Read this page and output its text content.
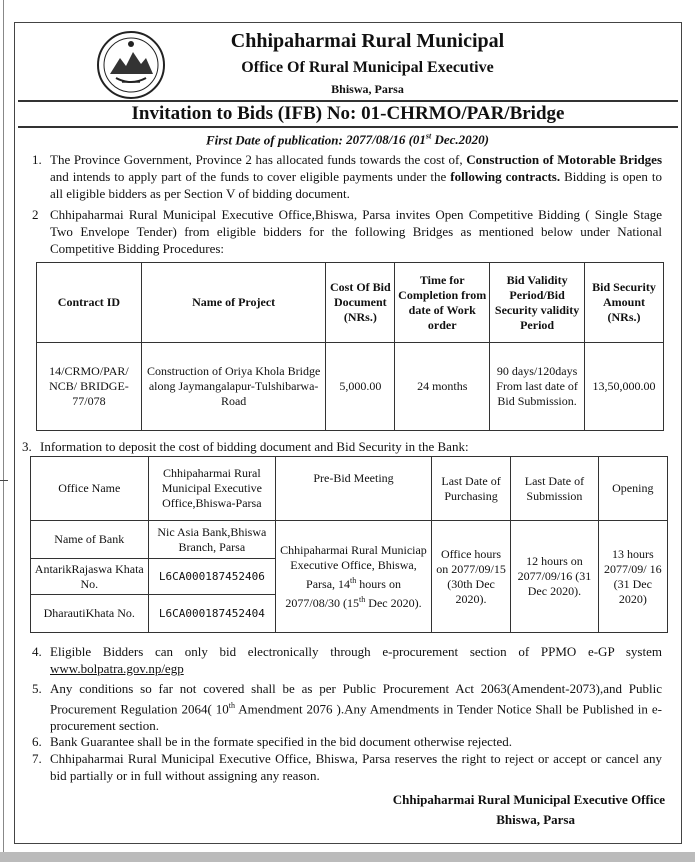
Chhipaharmai Rural Municipal
Office Of Rural Municipal Executive
Bhiswa, Parsa
Invitation to Bids (IFB) No: 01-CHRMO/PAR/Bridge
First Date of publication: 2077/08/16 (01st Dec.2020)
1. The Province Government, Province 2 has allocated funds towards the cost of, Construction of Motorable Bridges and intends to apply part of the funds to cover eligible payments under the following contracts. Bidding is open to all eligible bidders as per Section V of bidding document.
2 Chhipaharmai Rural Municipal Executive Office,Bhiswa, Parsa invites Open Competitive Bidding ( Single Stage Two Envelope Tender) from eligible bidders for the following Bridges as mentioned below under National Competitive Bidding Procedures:
Contract ID	Name of Project	Cost Of Bid Document (NRs.)	Time for Completion from date of Work order	Bid Validity Period/Bid Security validity Period	Bid Security Amount (NRs.)
14/CRMO/PAR/ NCB/ BRIDGE-77/078	Construction of Oriya Khola Bridge along Jaymangalapur-Tulshibarwa-Road	5,000.00	24 months	90 days/120days From last date of Bid Submission.	13,50,000.00
3. Information to deposit the cost of bidding document and Bid Security in the Bank:
Office Name	Chhipaharmai Rural Municipal Executive Office,Bhiswa-Parsa	Pre-Bid Meeting	Last Date of Purchasing	Last Date of Submission	Opening
Name of Bank	Nic Asia Bank,Bhiswa Branch, Parsa	Chhipaharmai Rural Municiap Executive Office, Bhiswa, Parsa, 14th hours on 2077/08/30 (15th Dec 2020).	Office hours on 2077/09/15 (30th Dec 2020).	12 hours on 2077/09/16 (31 Dec 2020).	13 hours 2077/09/ 16 (31 Dec 2020)
AntarikRajaswa Khata No.	L6CA000187452406				
DharautiKhata No.	L6CA000187452404				
4. Eligible Bidders can only bid electronically through e-procurement section of PPMO e-GP system www.bolpatra.gov.np/egp
5. Any conditions so far not covered shall be as per Public Procurement Act 2063(Amendent-2073),and Public Procurement Regulation 2064( 10th Amendment 2076 ).Any Amendments in Tender Notice Shall be Published in e-procurement section.
6. Bank Guarantee shall be in the formate specified in the bid document otherwise rejected.
7. Chhipaharmai Rural Municipal Executive Office, Bhiswa, Parsa reserves the right to reject or accept or cancel any bid partially or in full without assigning any reason.
Chhipaharmai Rural Municipal Executive Office
Bhiswa, Parsa
